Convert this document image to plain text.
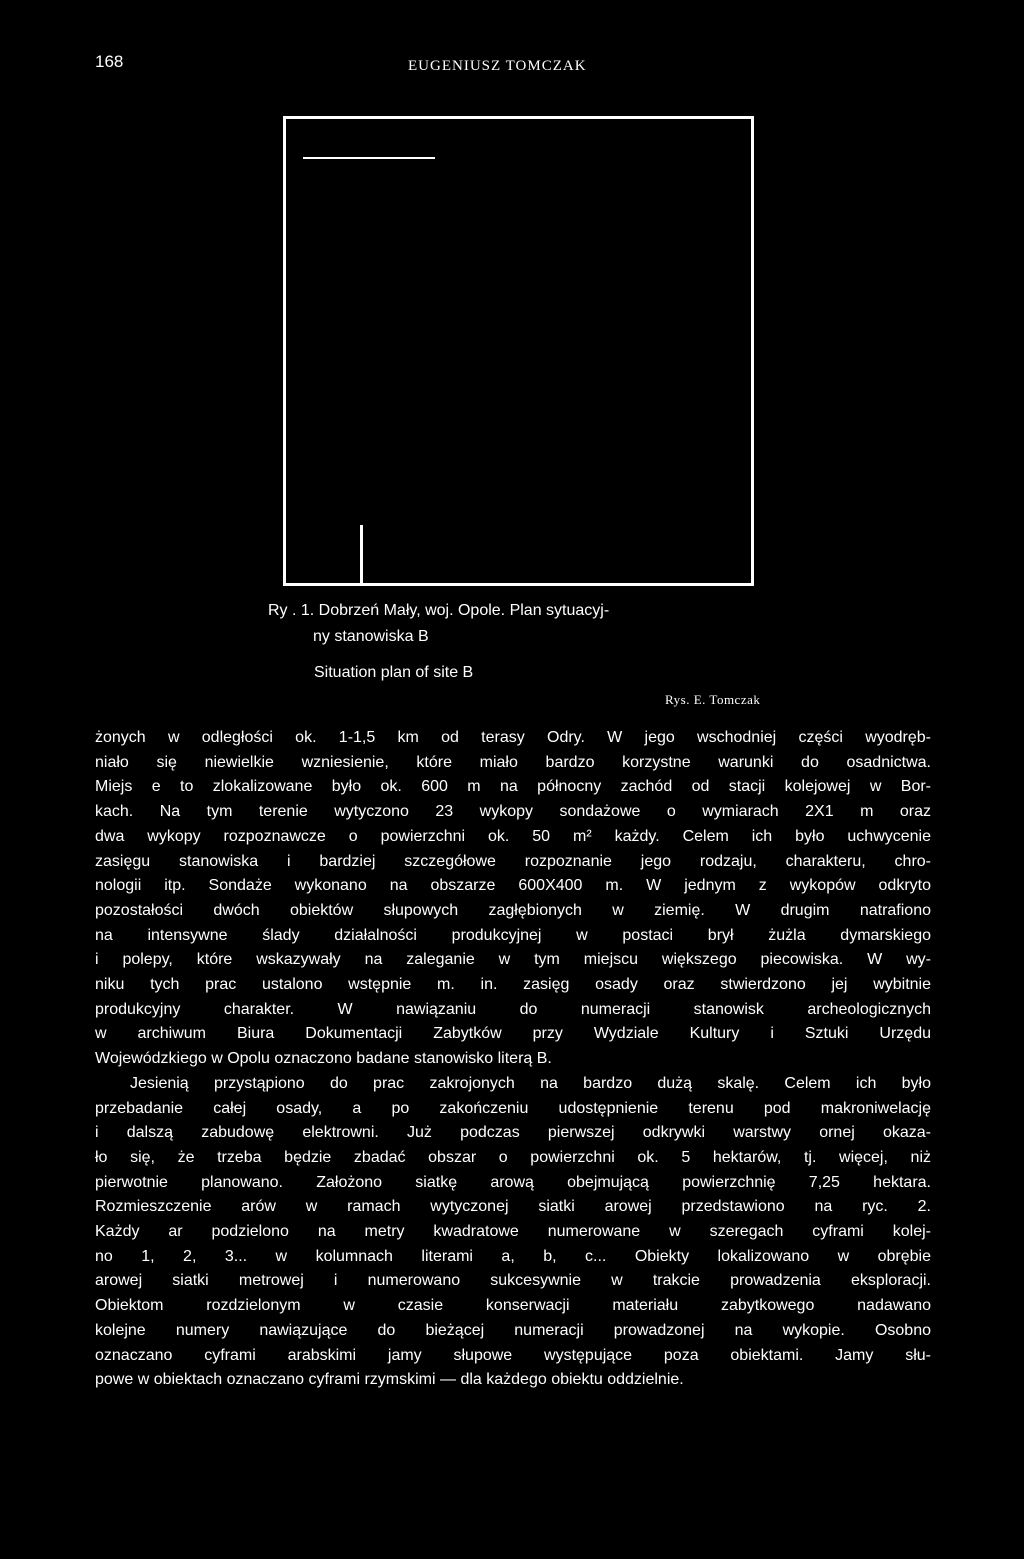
168	EUGENIUSZ TOMCZAK
Ry . 1. Dobrzeń Mały, woj. Opole. Plan sytuacyj-
ny stanowiska B
Situation plan of site B
Rys. E. Tomczak
żonych w odległości ok. 1-1,5 km od terasy Odry. W jego wschodniej części wyodręb-
niało się niewielkie wzniesienie, które miało bardzo korzystne warunki do osadnictwa.
Miejs e to zlokalizowane było ok. 600 m na północny zachód od stacji kolejowej w Bor-
kach. Na tym terenie wytyczono 23 wykopy sondażowe o wymiarach 2X1 m oraz
dwa wykopy rozpoznawcze o powierzchni ok. 50 m² każdy. Celem ich było uchwycenie
zasięgu stanowiska i bardziej szczegółowe rozpoznanie jego rodzaju, charakteru, chro-
nologii itp. Sondaże wykonano na obszarze 600X400 m. W jednym z wykopów odkryto
pozostałości dwóch obiektów słupowych zagłębionych w ziemię. W drugim natrafiono
na intensywne ślady działalności produkcyjnej w postaci brył żużla dymarskiego
i polepy, które wskazywały na zaleganie w tym miejscu większego piecowiska. W wy-
niku tych prac ustalono wstępnie m. in. zasięg osady oraz stwierdzono jej wybitnie
produkcyjny charakter. W nawiązaniu do numeracji stanowisk archeologicznych
w archiwum Biura Dokumentacji Zabytków przy Wydziale Kultury i Sztuki Urzędu
Wojewódzkiego w Opolu oznaczono badane stanowisko literą B.
Jesienią przystąpiono do prac zakrojonych na bardzo dużą skalę. Celem ich było
przebadanie całej osady, a po zakończeniu udostępnienie terenu pod makroniwelację
i dalszą zabudowę elektrowni. Już podczas pierwszej odkrywki warstwy ornej okaza-
ło się, że trzeba będzie zbadać obszar o powierzchni ok. 5 hektarów, tj. więcej, niż
pierwotnie planowano. Założono siatkę arową obejmującą powierzchnię 7,25 hektara.
Rozmieszczenie arów w ramach wytyczonej siatki arowej przedstawiono na ryc. 2.
Każdy ar podzielono na metry kwadratowe numerowane w szeregach cyframi kolej-
no 1, 2, 3... w kolumnach literami a, b, c... Obiekty lokalizowano w obrębie
arowej siatki metrowej i numerowano sukcesywnie w trakcie prowadzenia eksploracji.
Obiektom rozdzielonym w czasie konserwacji materiału zabytkowego nadawano
kolejne numery nawiązujące do bieżącej numeracji prowadzonej na wykopie. Osobno
oznaczano cyframi arabskimi jamy słupowe występujące poza obiektami. Jamy słu-
powe w obiektach oznaczano cyframi rzymskimi — dla każdego obiektu oddzielnie.
